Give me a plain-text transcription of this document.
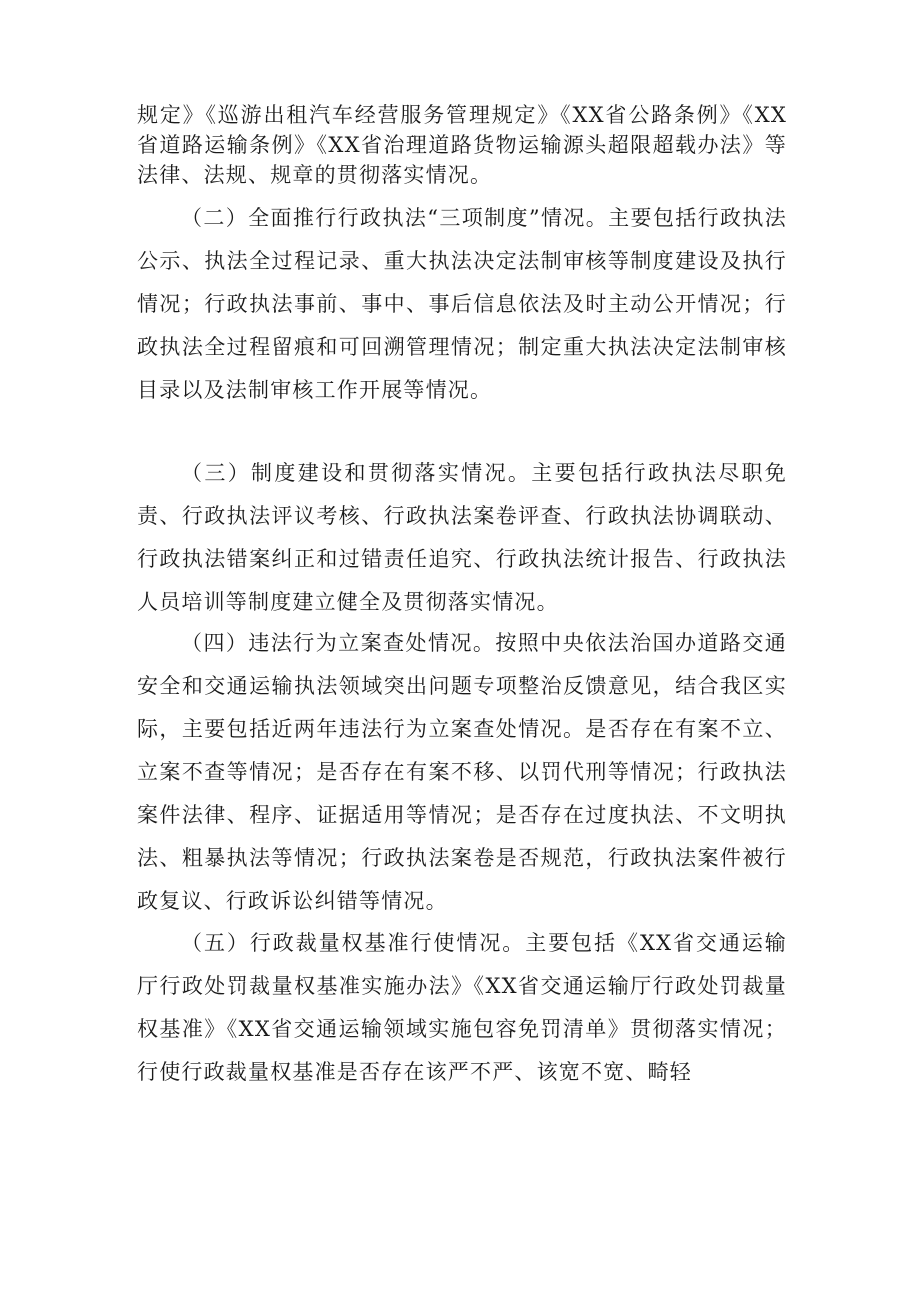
规定》《巡游出租汽车经营服务管理规定》《XX省公路条例》《XX省道路运输条例》《XX省治理道路货物运输源头超限超载办法》等法律、法规、规章的贯彻落实情况。

（二）全面推行行政执法“三项制度”情况。主要包括行政执法公示、执法全过程记录、重大执法决定法制审核等制度建设及执行情况；行政执法事前、事中、事后信息依法及时主动公开情况；行政执法全过程留痕和可回溯管理情况；制定重大执法决定法制审核目录以及法制审核工作开展等情况。

（三）制度建设和贯彻落实情况。主要包括行政执法尽职免责、行政执法评议考核、行政执法案卷评查、行政执法协调联动、行政执法错案纠正和过错责任追究、行政执法统计报告、行政执法人员培训等制度建立健全及贯彻落实情况。

（四）违法行为立案查处情况。按照中央依法治国办道路交通安全和交通运输执法领域突出问题专项整治反馈意见，结合我区实际，主要包括近两年违法行为立案查处情况。是否存在有案不立、立案不查等情况；是否存在有案不移、以罚代刑等情况；行政执法案件法律、程序、证据适用等情况；是否存在过度执法、不文明执法、粗暴执法等情况；行政执法案卷是否规范，行政执法案件被行政复议、行政诉讼纠错等情况。

（五）行政裁量权基准行使情况。主要包括《XX省交通运输厅行政处罚裁量权基准实施办法》《XX省交通运输厅行政处罚裁量权基准》《XX省交通运输领域实施包容免罚清单》贯彻落实情况；行使行政裁量权基准是否存在该严不严、该宽不宽、畸轻
